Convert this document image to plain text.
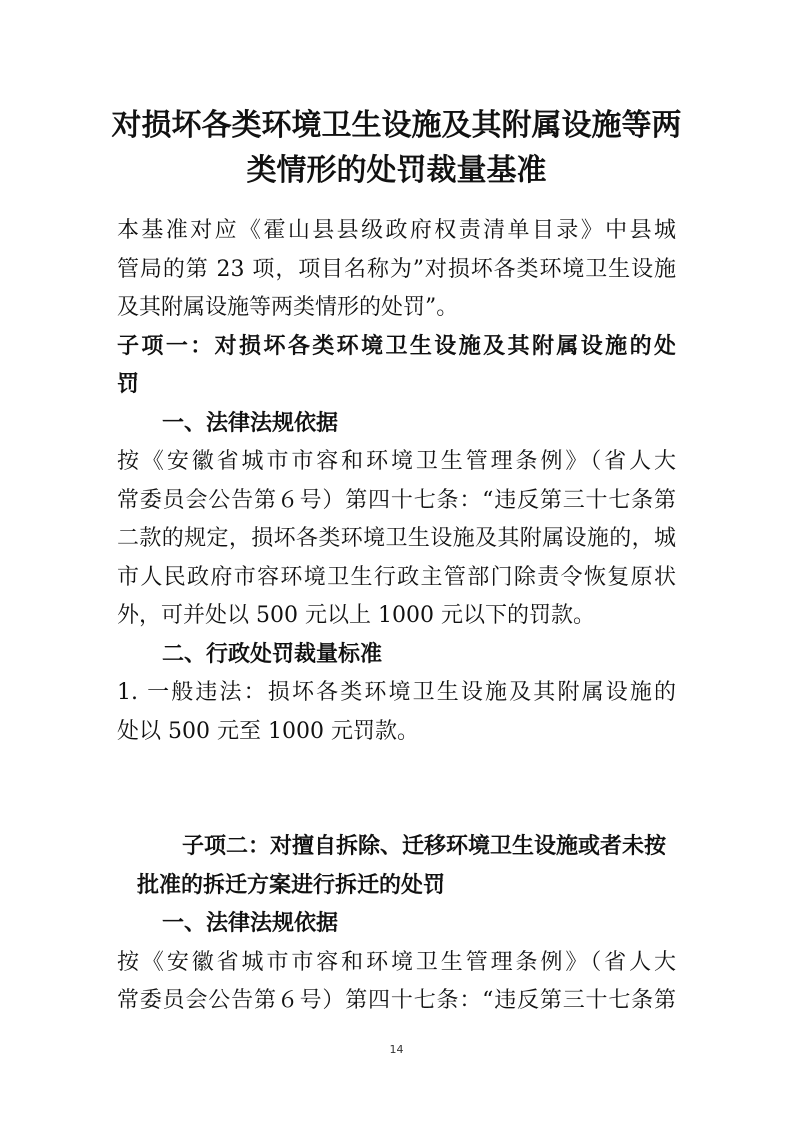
对损坏各类环境卫生设施及其附属设施等两
类情形的处罚裁量基准

本基准对应《霍山县县级政府权责清单目录》中县城

管局的第 23 项，项目名称为”对损坏各类环境卫生设施

及其附属设施等两类情形的处罚”。

子项一：对损坏各类环境卫生设施及其附属设施的处

罚

一、法律法规依据

按《安徽省城市市容和环境卫生管理条例》（省人大

常委员会公告第６号）第四十七条：“违反第三十七条第

二款的规定，损坏各类环境卫生设施及其附属设施的，城

市人民政府市容环境卫生行政主管部门除责令恢复原状

外，可并处以 500 元以上 1000 元以下的罚款。

二、行政处罚裁量标准

1. 一般违法：损坏各类环境卫生设施及其附属设施的

处以 500 元至 1000 元罚款。

子项二：对擅自拆除、迁移环境卫生设施或者未按

批准的拆迁方案进行拆迁的处罚

一、法律法规依据

按《安徽省城市市容和环境卫生管理条例》（省人大

常委员会公告第６号）第四十七条：“违反第三十七条第

14
